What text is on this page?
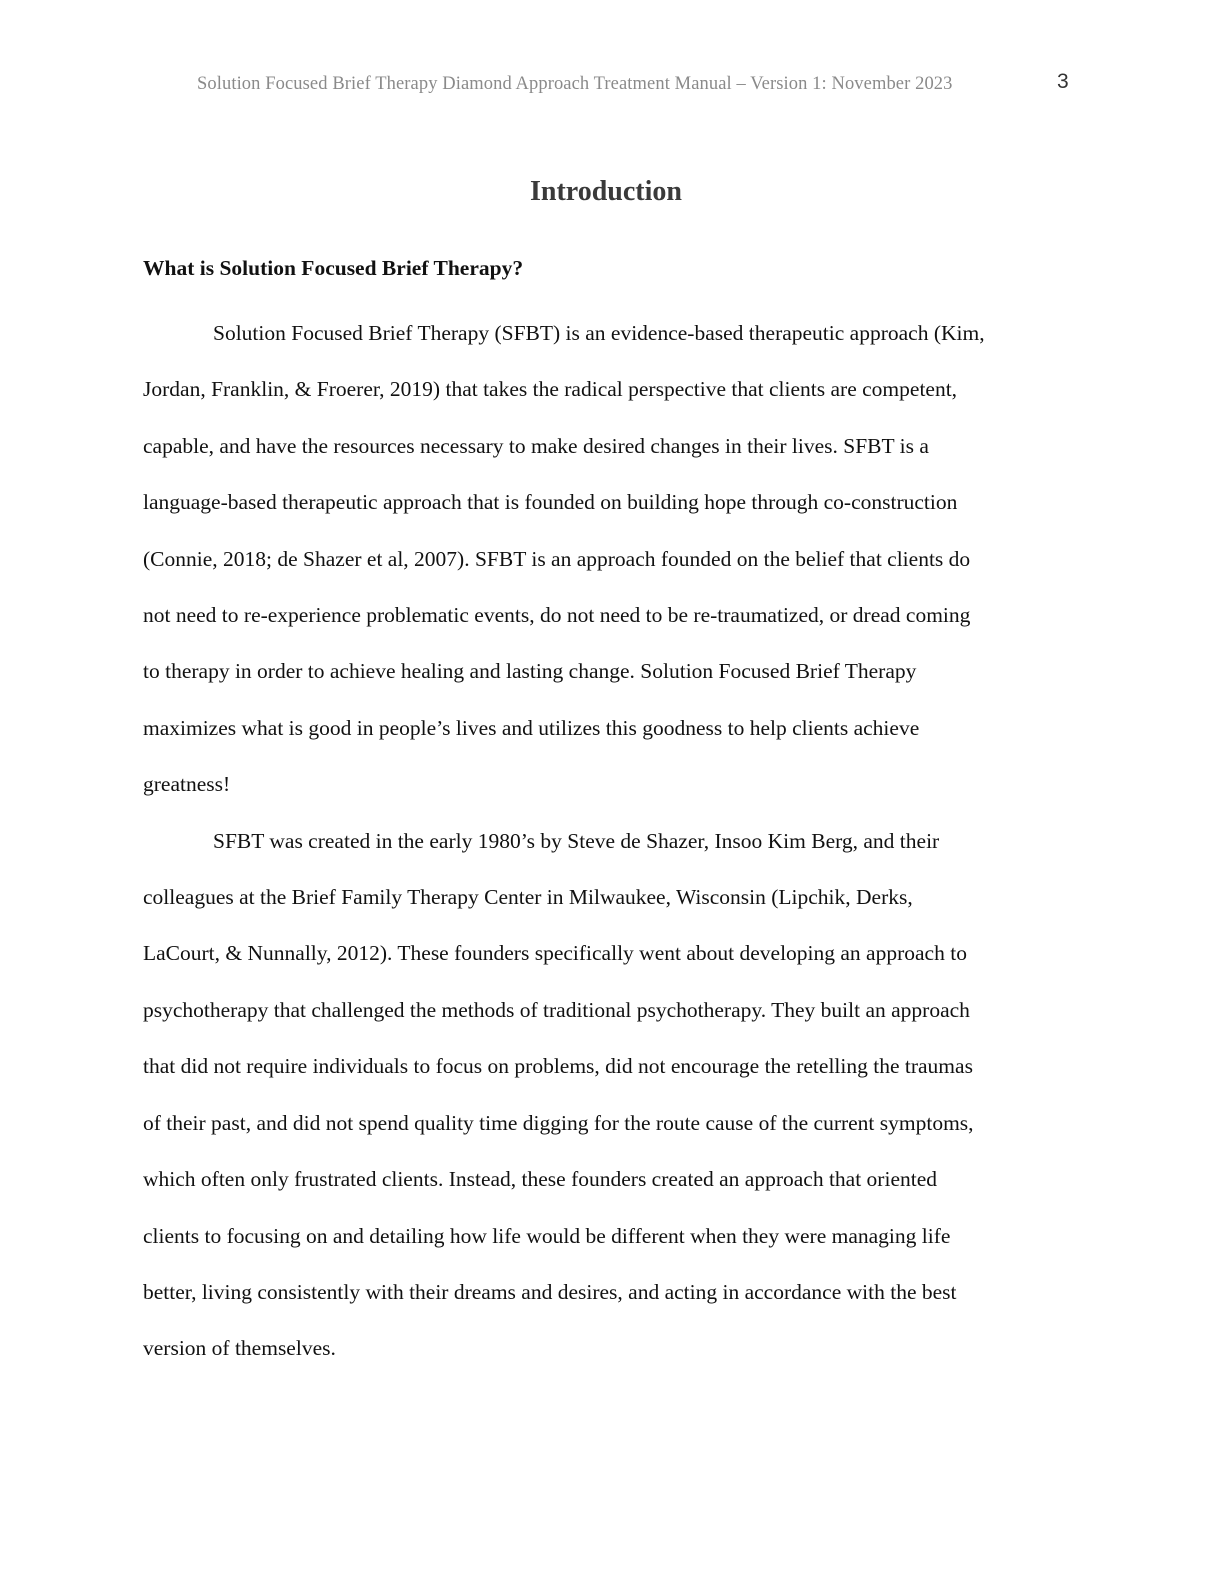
Solution Focused Brief Therapy Diamond Approach Treatment Manual – Version 1: November 2023	3
Introduction
What is Solution Focused Brief Therapy?

Solution Focused Brief Therapy (SFBT) is an evidence-based therapeutic approach (Kim,
Jordan, Franklin, & Froerer, 2019) that takes the radical perspective that clients are competent,
capable, and have the resources necessary to make desired changes in their lives. SFBT is a
language-based therapeutic approach that is founded on building hope through co-construction
(Connie, 2018; de Shazer et al, 2007). SFBT is an approach founded on the belief that clients do
not need to re-experience problematic events, do not need to be re-traumatized, or dread coming
to therapy in order to achieve healing and lasting change. Solution Focused Brief Therapy
maximizes what is good in people’s lives and utilizes this goodness to help clients achieve
greatness!

SFBT was created in the early 1980’s by Steve de Shazer, Insoo Kim Berg, and their
colleagues at the Brief Family Therapy Center in Milwaukee, Wisconsin (Lipchik, Derks,
LaCourt, & Nunnally, 2012). These founders specifically went about developing an approach to
psychotherapy that challenged the methods of traditional psychotherapy. They built an approach
that did not require individuals to focus on problems, did not encourage the retelling the traumas
of their past, and did not spend quality time digging for the route cause of the current symptoms,
which often only frustrated clients. Instead, these founders created an approach that oriented
clients to focusing on and detailing how life would be different when they were managing life
better, living consistently with their dreams and desires, and acting in accordance with the best
version of themselves.
